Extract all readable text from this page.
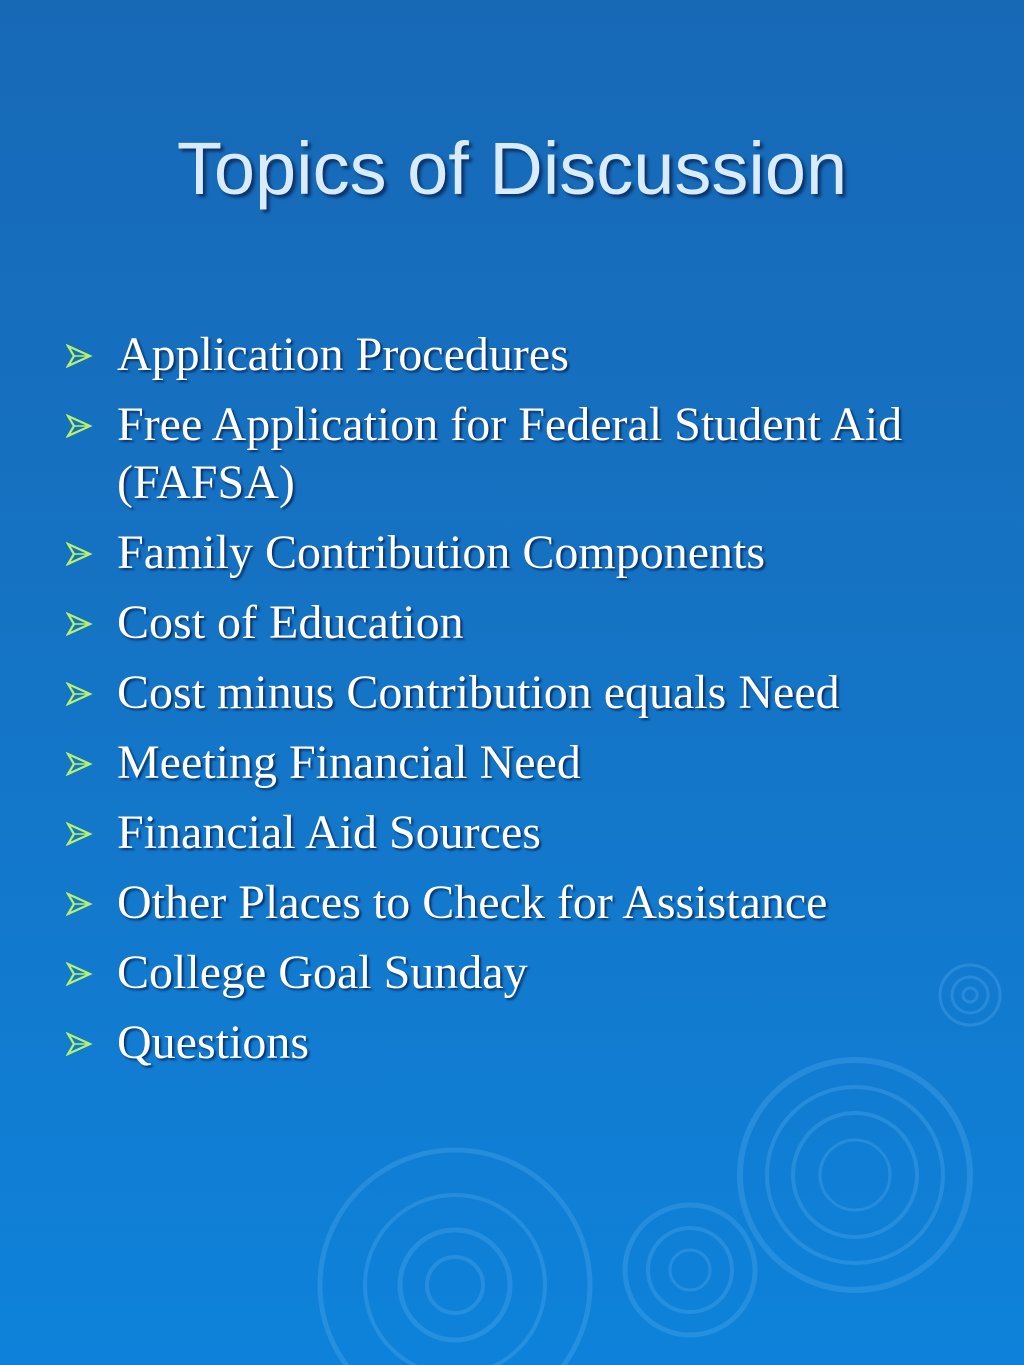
Topics of Discussion
Application Procedures
Free Application for Federal Student Aid (FAFSA)
Family Contribution Components
Cost of Education
Cost minus Contribution equals Need
Meeting Financial Need
Financial Aid Sources
Other Places to Check for Assistance
College Goal Sunday
Questions
